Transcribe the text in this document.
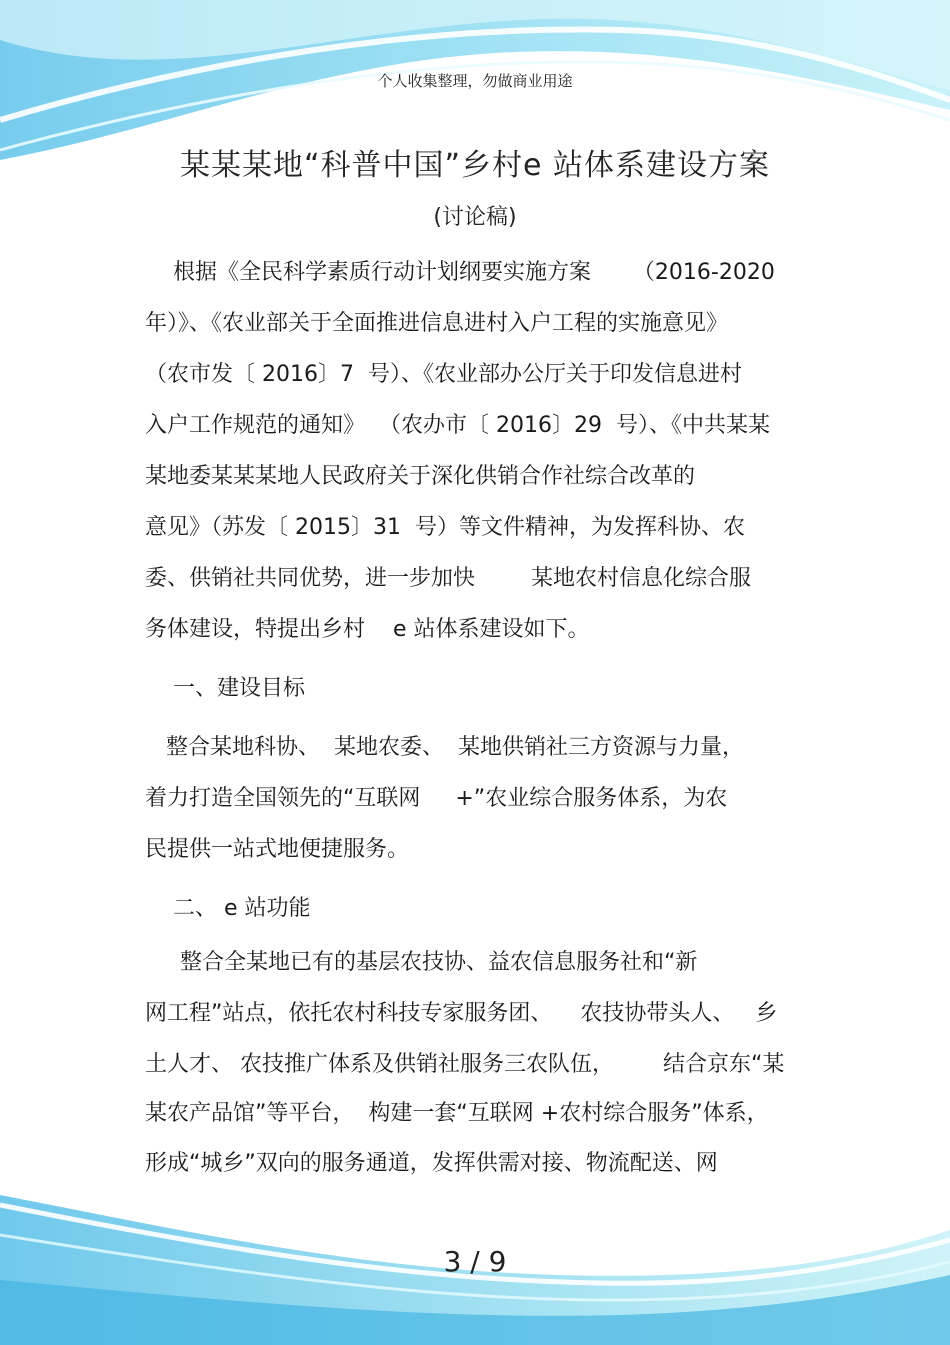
个人收集整理，勿做商业用途
某某某地“科普中国”乡村e 站体系建设方案
(讨论稿)
根据《全民科学素质行动计划纲要实施方案      （2016-2020
年）》、《农业部关于全面推进信息进村入户工程的实施意见》
（农市发〔 2016〕7  号）、《农业部办公厅关于印发信息进村
入户工作规范的通知》  （农办市〔 2016〕29  号）、《中共某某
某地委某某某地人民政府关于深化供销合作社综合改革的
意见》（苏发〔 2015〕31  号）等文件精神，为发挥科协、农
委、供销社共同优势，进一步加快        某地农村信息化综合服
务体建设，特提出乡村    e 站体系建设如下。
一、建设目标
整合某地科协、  某地农委、  某地供销社三方资源与力量，
着力打造全国领先的“互联网     +”农业综合服务体系，为农
民提供一站式地便捷服务。
二、 e 站功能
整合全某地已有的基层农技协、益农信息服务社和“新
网工程”站点，依托农村科技专家服务团、    农技协带头人、   乡
土人才、 农技推广体系及供销社服务三农队伍，       结合京东“某
某农产品馆”等平台，  构建一套“互联网 +农村综合服务”体系，
形成“城乡”双向的服务通道，发挥供需对接、物流配送、网
3 / 9
